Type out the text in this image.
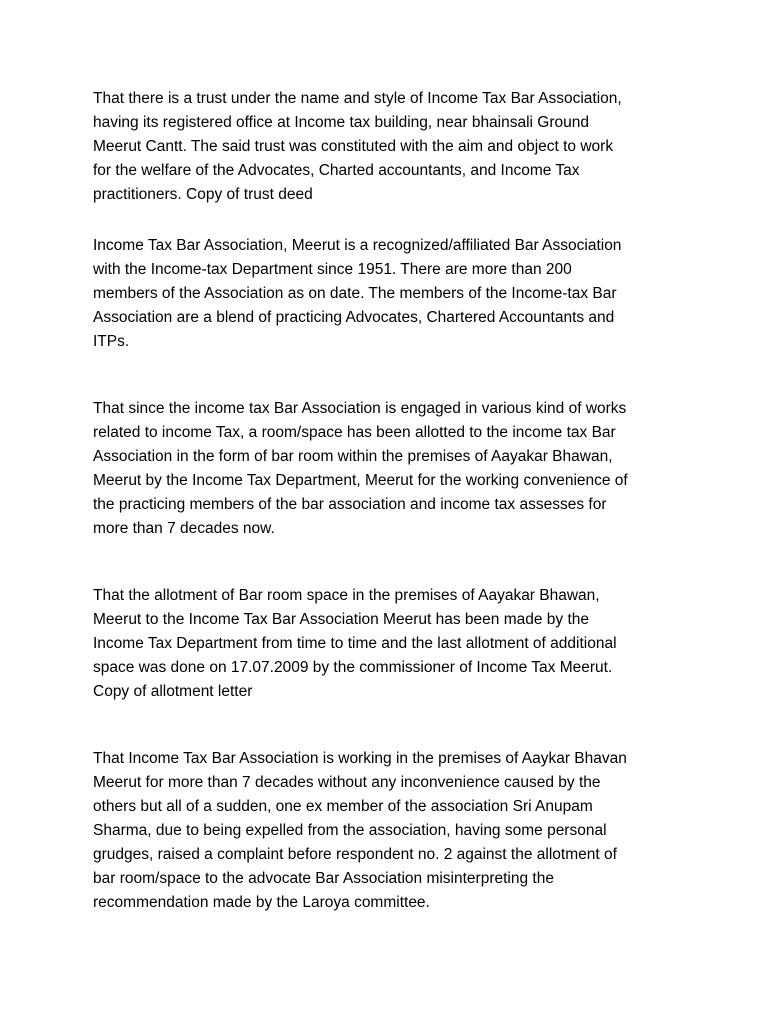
That there is a trust under the name and style of Income Tax Bar Association,
having its registered office at Income tax building, near bhainsali Ground
Meerut Cantt. The said trust was constituted with the aim and object to work
for the welfare of the Advocates, Charted accountants, and Income Tax
practitioners. Copy of trust deed

Income Tax Bar Association, Meerut is a recognized/affiliated Bar Association
with the Income-tax Department since 1951. There are more than 200
members of the Association as on date. The members of the Income-tax Bar
Association are a blend of practicing Advocates, Chartered Accountants and
ITPs.

That since the income tax Bar Association is engaged in various kind of works
related to income Tax, a room/space has been allotted to the income tax Bar
Association in the form of bar room within the premises of Aayakar Bhawan,
Meerut by the Income Tax Department, Meerut for the working convenience of
the practicing members of the bar association and income tax assesses for
more than 7 decades now.

That the allotment of Bar room space in the premises of Aayakar Bhawan,
Meerut to the Income Tax Bar Association Meerut has been made by the
Income Tax Department from time to time and the last allotment of additional
space was done on 17.07.2009 by the commissioner of Income Tax Meerut.
Copy of allotment letter

That Income Tax Bar Association is working in the premises of Aaykar Bhavan
Meerut for more than 7 decades without any inconvenience caused by the
others but all of a sudden, one ex member of the association Sri Anupam
Sharma, due to being expelled from the association, having some personal
grudges, raised a complaint before respondent no. 2 against the allotment of
bar room/space to the advocate Bar Association misinterpreting the
recommendation made by the Laroya committee.
